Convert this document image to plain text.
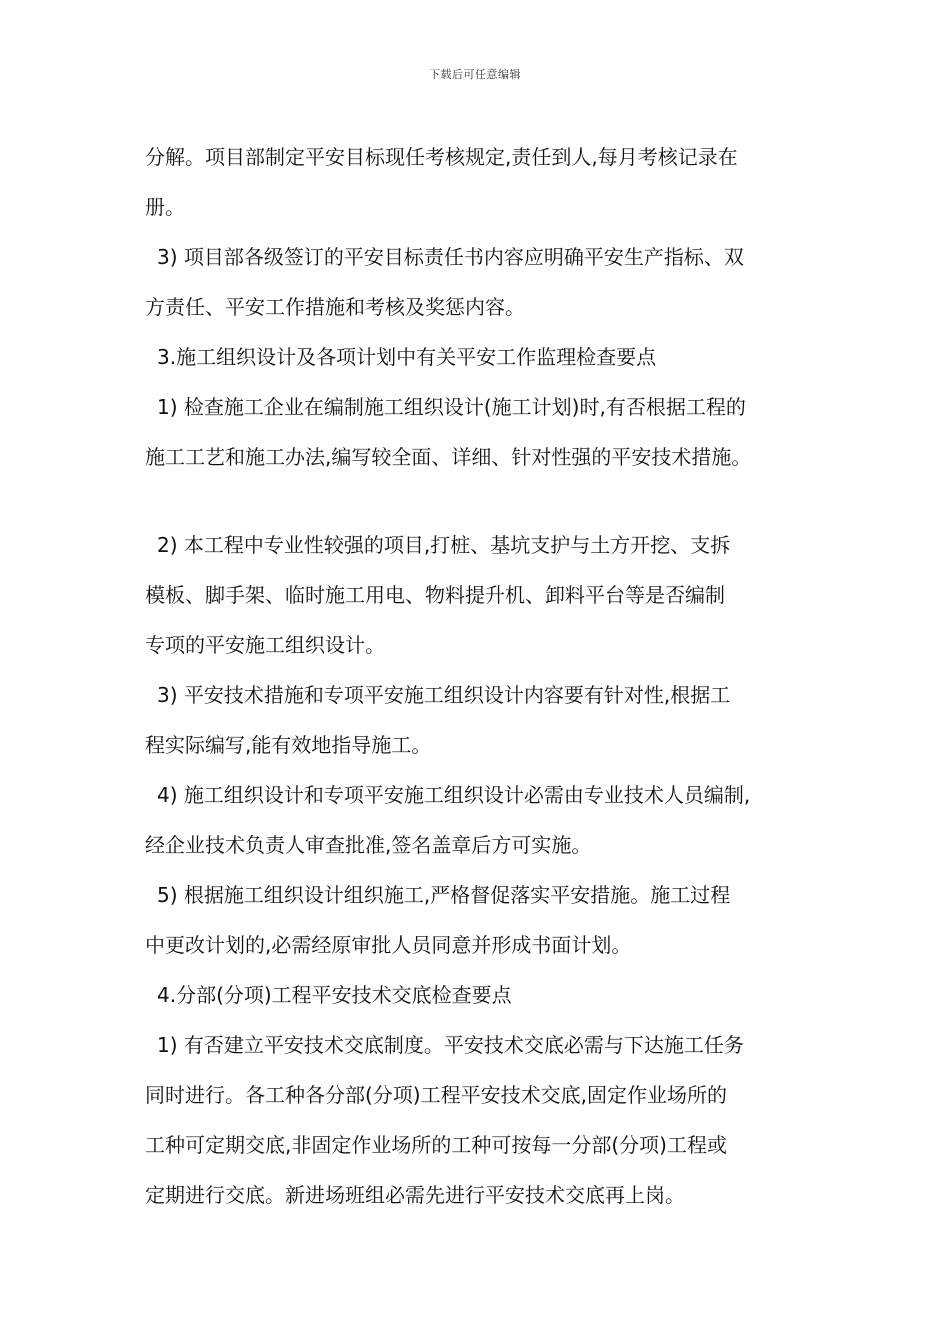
下载后可任意编辑
分解。项目部制定平安目标现任考核规定,责任到人,每月考核记录在
册。
3) 项目部各级签订的平安目标责任书内容应明确平安生产指标、双
方责任、平安工作措施和考核及奖惩内容。
3.施工组织设计及各项计划中有关平安工作监理检查要点
1) 检查施工企业在编制施工组织设计(施工计划)时,有否根据工程的
施工工艺和施工办法,编写较全面、详细、针对性强的平安技术措施。
2) 本工程中专业性较强的项目,打桩、基坑支护与土方开挖、支拆
模板、脚手架、临时施工用电、物料提升机、卸料平台等是否编制
专项的平安施工组织设计。
3) 平安技术措施和专项平安施工组织设计内容要有针对性,根据工
程实际编写,能有效地指导施工。
4) 施工组织设计和专项平安施工组织设计必需由专业技术人员编制,
经企业技术负责人审查批准,签名盖章后方可实施。
5) 根据施工组织设计组织施工,严格督促落实平安措施。施工过程
中更改计划的,必需经原审批人员同意并形成书面计划。
4.分部(分项)工程平安技术交底检查要点
1) 有否建立平安技术交底制度。平安技术交底必需与下达施工任务
同时进行。各工种各分部(分项)工程平安技术交底,固定作业场所的
工种可定期交底,非固定作业场所的工种可按每一分部(分项)工程或
定期进行交底。新进场班组必需先进行平安技术交底再上岗。
